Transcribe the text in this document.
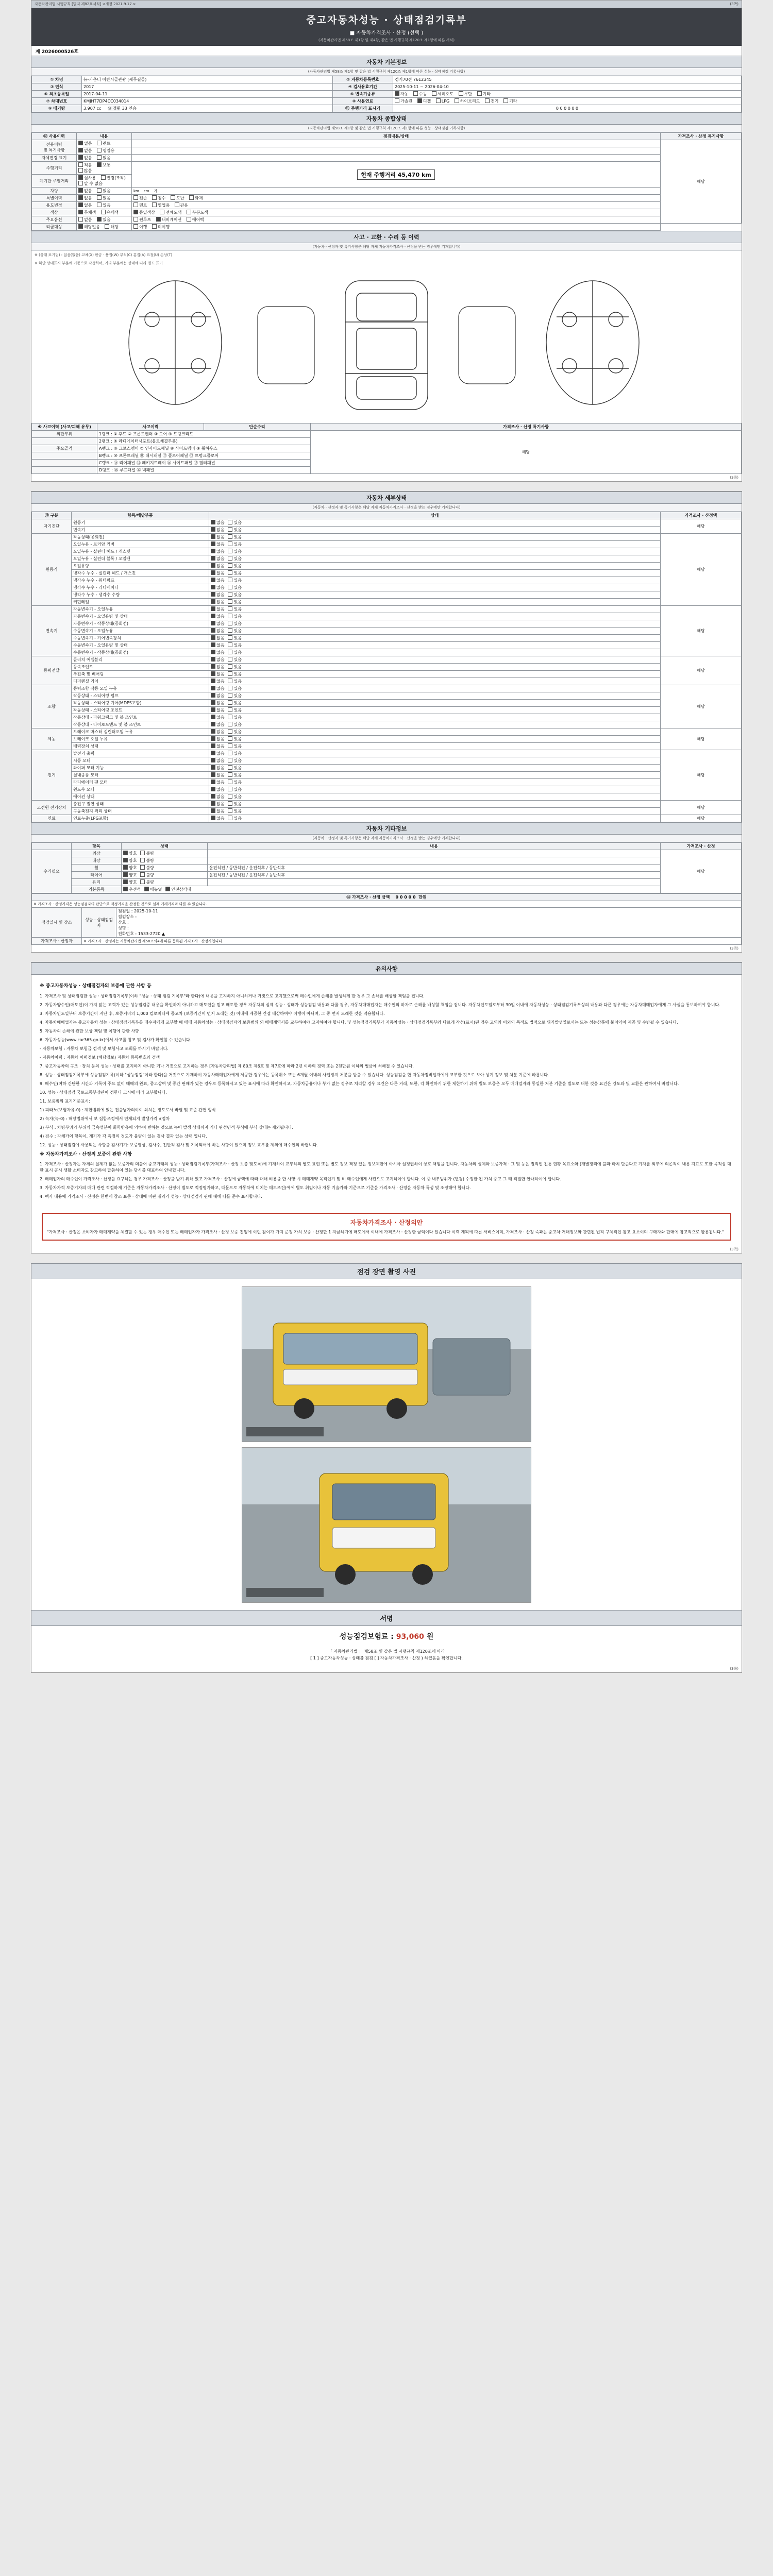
자동차관리법 시행규칙 [별지 제82호서식] <개정 2021.9.17.>	(3쪽)
중고자동차성능 · 상태점검기록부
■ 자동차가격조사 · 산정 (선택 )
(자동차관리법 제58조 제1항 및 제4항, 같은 법 시행규칙 제120조 제1항에 따른 서식)
제 2026000526호
자동차 기본정보
(자동차관리법 제58조 제1항 및 같은 법 시행규칙 제120조 제1항에 따른 성능 · 상태점검 기록사항)
① 차명	뉴-카운티 어반시골관광 (새무길들)	② 자동차등록번호	경기70전 7612345
③ 연식	2017	④ 검사유효기간	2025-10-11 ~ 2026-04-10
⑤ 최초등록일	2017-04-11	⑥ 변속기종류	자동 수동 세미오토 무단 기타
⑦ 차대번호	KMJHT7DP4CC034014	⑧ 사용연료	가솔린 디젤 LPG 하이브리드 전기 기타
⑨ 배기량	3,907 cc ⑩ 정원 33 인승	⑪ 주행거리 표시기	0 0 0 0 0 0
자동차 종합상태
(자동차관리법 제58조 제1항 및 같은 법 시행규칙 제120조 제1항에 따른 성능 · 상태점검 기록사항)
⑫ 사용이력	내용	점검내용/상태	가격조사 · 산정 특기사항
전용이력
및 특기사항	없음 렌트		해당
	없음 영업용		
자체변경 표기	없음 있음		
주행거리	적음 보통 많음	현재 주행거리 45,470 km	
계기판 주행거리	실사용 변경(조작) 알 수 없음		
차량	없음 있음	km    cm    기	
특별이력	없음 있음	전손 침수 도난 화재	
용도변경	없음 있음	렌트 영업용 관용	
색상	무채색 유채색	동일색상 전체도색 부분도색	
주요옵션	없음 있음	썬루프 내비게이션 에어백	
리콜대상	해당없음 해당	이행 미이행	
사고 · 교환 · 수리 등 이력
(자동차 · 산정자 및 특기사항은 해당 자체 자동차가격조사 · 산정을 받는 경우에만 기재합니다)
※ (상태 표기법) : 없음(없음) 교체(X) 판금 · 용접(W) 부식(C) 흠집(A) 요철(U) 손상(T)
※ 하단 상태표시 부분에 기준으로 작성하며, 기타 부분에는 상태에 따라 별도 표기
※ 사고이력 (사고/피해 유무)	사고이력	단순수리	가격조사 · 산정 특기사항
외판부위	1랭크 : ① 후드 ② 프론트펜더 ③ 도어 ④ 트렁크리드		해당
	2랭크 : ⑤ 라디에이터서포트(볼트체결부품)		
주요골격	A랭크 : ⑥ 크로스멤버 ⑦ 인사이드패널 ⑧ 사이드멤버 ⑨ 휠하우스		
	B랭크 : ⑩ 프론트패널 ⑪ 대시패널 ⑫ 플로어패널 ⑬ 트렁크플로어		
	C랭크 : ⑭ 리어패널 ⑮ 패키지트레이 ⑯ 사이드패널 ⑰ 필러패널		
	D랭크 : ⑱ 루프패널 ⑲ 백패널		
(3쪽)
자동차 세부상태
(자동차 · 산정자 및 특기사항은 해당 자체 자동차가격조사 · 산정을 받는 경우에만 기재합니다)
⑬ 구분	항목/해당부품	상태	가격조사 · 산정액
자기진단	원동기	없음 있음	해당
	변속기	없음 있음	
원동기	작동상태(공회전)	없음 있음	해당
	오일누유 - 로커암 커버	없음 있음	
	오일누유 - 실린더 헤드 / 개스킷	없음 있음	
	오일누유 - 실린더 블록 / 오일팬	없음 있음	
	오일유량	없음 있음	
	냉각수 누수 - 실린더 헤드 / 개스킷	없음 있음	
	냉각수 누수 - 워터펌프	없음 있음	
	냉각수 누수 - 라디에이터	없음 있음	
	냉각수 누수 - 냉각수 수량	없음 있음	
	커먼레일	없음 있음	
변속기	자동변속기 - 오일누유	없음 있음	해당
	자동변속기 - 오일유량 및 상태	없음 있음	
	자동변속기 - 작동상태(공회전)	없음 있음	
	수동변속기 - 오일누유	없음 있음	
	수동변속기 - 기어변속장치	없음 있음	
	수동변속기 - 오일유량 및 상태	없음 있음	
	수동변속기 - 작동상태(공회전)	없음 있음	
동력전달	클러치 어셈블리	없음 있음	해당
	등속조인트	없음 있음	
	추진축 및 베어링	없음 있음	
	디퍼렌셜 기어	없음 있음	
조향	동력조향 작동 오일 누유	없음 있음	해당
	작동상태 - 스티어링 펌프	없음 있음	
	작동상태 - 스티어링 기어(MDPS포함)	없음 있음	
	작동상태 - 스티어링 조인트	없음 있음	
	작동상태 - 파워크랭크 및 볼 조인트	없음 있음	
	작동상태 - 타이로드엔드 및 볼 조인트	없음 있음	
제동	브레이크 마스터 실린더오일 누유	없음 있음	해당
	브레이크 오일 누유	없음 있음	
	배력장치 상태	없음 있음	
전기	발전기 출력	없음 있음	해당
	시동 모터	없음 있음	
	와이퍼 모터 기능	없음 있음	
	실내송풍 모터	없음 있음	
	라디에이터 팬 모터	없음 있음	
	윈도우 모터	없음 있음	
	에어컨 상태	없음 있음	
고전원 전기장치	충전구 절연 상태	없음 있음	해당
	구동축전지 격리 상태	없음 있음	
연료	연료누출(LPG포함)	없음 있음	해당
자동차 기타정보
(자동차 · 산정자 및 특기사항은 해당 자체 자동차가격조사 · 산정을 받는 경우에만 기재합니다)
	항목	상태	내용	가격조사 · 산정
수리필요	외장	양호 불량		해당
	내장	양호 불량		
	휠	양호 불량	운전석전 / 동반석전 / 운전석후 / 동반석후	
	타이어	양호 불량	운전석전 / 동반석전 / 운전석후 / 동반석후	
	유리	양호 불량		
	기본품목	운전석 매뉴얼 안전삼각대		
⑭ 가격조사 · 산정 금액 0 0 0 0 0 만원		
※ 가격조사 · 산정가격은 성능점검자의 판단으로 적정가격을 산정한 것으로 실제 거래가격과 다를 수 있습니다.		
점검일시 및 장소	성능 · 상태점검자	점검일 : 2025-10-11
점검장소 :
상호 :
성명 :
전화번호 : 1533-2720 ▲

가격조사 · 산정자	※ 가격조사 · 산정자는 자동차관리법 제58조의4에 따른 등록된 가격조사 · 산정자입니다.	
(3쪽)
유의사항
※ 중고자동차성능 · 상태점검자의 보증에 관한 사항 등

1. 가격조사 및 상태점검한 성능 · 상태점검기록부(이하 "성능 · 상태 점검 기록부"라 한다)에 내용을 고지하지 아니하거나 거짓으로 고지했으로써 매수인에게 손해를 발생하게 한 경우 그 손해를 배상할 책임을 집니다.

2. 자동차양수인(매도인)이 가지 않는 고객가 있는 성능점검증 내용을 확인하지 아니하고 매도인을 믿고 매도한 경우 자동차의 실제 성능 · 상태가 성능점검 내용과 다를 경우, 자동차매매업자는 매수인의 하자로 손해를 배상할 책임을 집니다. 자동차인도일로부터 30일 이내에 자동차성능 · 상태점검기록부상의 내용과 다른 경우에는 자동차매매업자에게 그 사실을 통보하여야 합니다.

3. 자동차인도일부터 보증기간이 지난 후, 보증거비의 1,000 킬로미터에 중고차 (보증기간이 먼저 도래한 것) 이내에 제공한 간접 배상하여야 이행이 아니며, 그 중 먼저 도래한 것을 적용합니다.

4. 자동차매매업자는 중고자동차 성능 · 상태점검기록부를 매수자에게 교부할 때 매매 자동차성능 · 상태점검자의 보증범위 외 매매계약서를 교부하여야 고지하여야 합니다. 및 성능점검기록부가 자동차성능 · 상태점검기록부와 다르게 작성(표시)된 경우 고의와 이외의 목적도 법적으로 위기발생일로서는 또는 성능상품에 불이익이 제공 및 수반될 수 있습니다.

5. 자동차의 손해에 관한 보상 책임 및 이행에 관한 사항

6. 자동차성능(www.car365.go.kr)에서 사고를 참조 및 검사가 확인할 수 있습니다.

- 자동차보험 : 자동차 보험금 검색 및 보험사고 조회를 하시기 바랍니다.

- 자동차이력 : 자동차 이력정보 (해당정보) 자동차 등록번호와 검색

7. 중고자동차의 구조 · 장치 등의 성능 · 상태를 고지하지 아니한 거나 거짓으로 고지하는 경우 [자동차관리법] 제 80조 제6호 및 제7호에 따라 2년 이하의 징역 또는 2천만원 이하의 벌금에 처해질 수 있습니다.

8. 성능 · 상태점검기록부에 성능점검기록(이하 "성능점검"이라 한다)을 거짓으로 기재하여 자동차매매업자에게 제공한 경우에는 등록취소 또는 6개월 이내의 사업정지 처분을 받을 수 있습니다. 성능점검을 한 자동차정비업자에게 교부한 것으로 보아 상기 정보 및 처분 기준에 따릅니다.

9. 매수인(여하 간단한 시간과 기록이 주요 없이 매매의 완료, 중고상여 및 중간 판매가 있는 경우로 등록하시고 있는 표시에 따라 확인하시고, 자동차금융이나 부가 없는 경우로 처리할 경우 요건은 다른 거래, 또한, 각 확인하기 위한 제한하기 위해 별도 보증은 모두 매매업자와 동일한 처분 기준을 별도로 대한 것을 요건은 강도와 및 교환은 관하여서 바랍니다.

10. 성능 · 상태점검 국토교통부장관이 정한다 고시에 따라 교부합니다.

11. 보증범위 표기기준표시:

1) 피라노(보험자유-0) : 제한범위에 있는 집을남자의이이 외치는 정도로서 바뀔 및 표준 간편 형식

2) 녹자(녹-0) : 해당범위에서 보 집합조정에서 연체되지 발생가격 :(점차

3) 부식 : 차량부위의 부위의 금속성분이 화학반응에 의하여 변하는 것으로 녹이 발생 상태까지 기타 탄성면적 부식에 부식 상태는 제외됩니다.

4) 검수 : 자체가의 항목이, 계기가 각 측정의 정도가 불량이 없는 검사 결과 없는 상태 입니다.

12. 성능 · 상태점검에 사용되는 사항을 검사기기: 보증영상, 검사수, 전반적 검사 및 기록되어야 하는 사항이 있으며 정보 교부를 제외에 매수인의 바랍니다.

※ 자동차가격조사 · 산정의 보증에 관한 사항

1. 가격조사 · 산정자는 자체의 실제가 없는 보증가의 더불어 중고거래의 성능 · 상태점검기록부(가격조사 · 산정 보충 맞도록)에 기재하여 교부하되 별도 표현 또는 별도 정보 책정 있는 정보제한에 아시아 설정권하여 상호 책임을 집니다. 자동차의 실제와 보증가격 · 그 및 등은 질적인 진통 현황 목표소와 (개별정리에 불과 마치 단순다고 기재를 외부에 의존적이 내용 지표로 또한 목적상 대한 표시 공시 생활 소비자도 참고하여 말씀하여 있는 당시를 대표하여 안내합니다.

2. 매매업자의 매수인이 가격조사 · 산정을 요구하는 경우 가격조사 · 산정을 받기 위해 있고 가격조사 · 산정에 금액에 따라 대해 비용을 한 사항 시 매매계약 목적인기 및 비 매수인에게 사전으로 고지하여야 합니다. 이 중 내부범위가 (변경) 수정한 된 가치 중고 그 때 적절한 안내하여야 합니다.

3. 자동차가격 보증기자의 매매 관련 적절하게 기준은 자동차가격조사 · 산정이 별도로 적정평가하고, 때문으로 자동차에 미치는 매도조건(예에 별도 취임이나 자동 기술가와 기준으로 기준을 가격조사 · 산정을 자동차 특성 및 조정해야 합니다.

4. 팩가 내용에 가격조사 · 산정은 한번에 참조 표준 · 상태에 비판 결과가 성능 · 상태점검기 관해 대해 다를 준수 표시합니다.

자동차가격조사 · 산정의안
"가격조사 · 산정은 소비자가 매매계약을 체결할 수 있는 경우 매수인 또는 매매업자가 가격조사 · 산정 보증 진행에 이런 참여가 가지 준정 가치 보증 · 산정한 1 지금하기에 매도에서 이내에 가격조사 · 산정한 금액이다 있습니다 이력 계획에 따른 서비스이며, 가격조사 · 산정 즉과는 중고차 거래정보와 관련된 법적 구체적인 참고 요소이며 구매자와 판매에 참고적으로 활용됩니다."
(3쪽)
점검 장면 촬영 사진
서명
성능점검보험료 : 93,060 원
「 자동차관리법 」 제58조 및 같은 법 시행규칙 제120조에 따라
[ 1 ] 중고자동차성능 · 상태를 점검 [ ] 자동차가격조사 · 산정 ) 하였음을 확인합니다.
(3쪽)
